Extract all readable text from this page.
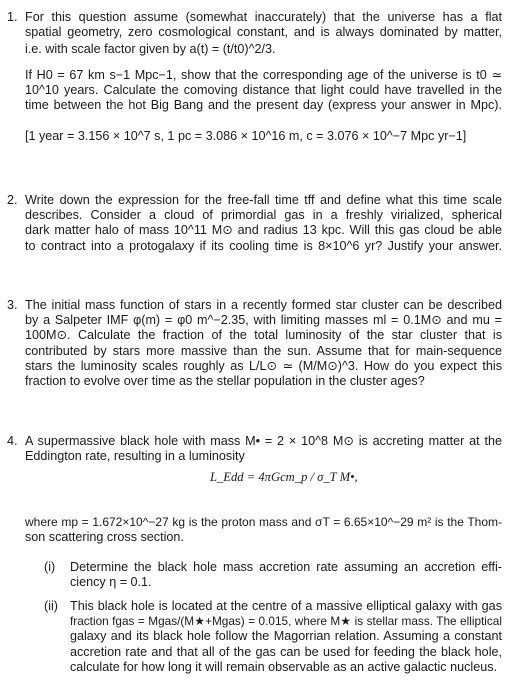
1. For this question assume (somewhat inaccurately) that the universe has a flat
spatial geometry, zero cosmological constant, and is always dominated by matter,
i.e. with scale factor given by a(t) = (t/t0)^2/3.
If H0 = 67 km s−1 Mpc−1, show that the corresponding age of the universe is t0 ≃
10^10 years. Calculate the comoving distance that light could have travelled in the
time between the hot Big Bang and the present day (express your answer in Mpc).
[1 year = 3.156 × 10^7 s, 1 pc = 3.086 × 10^16 m, c = 3.076 × 10^−7 Mpc yr−1]
2. Write down the expression for the free-fall time tff and define what this time scale
describes. Consider a cloud of primordial gas in a freshly virialized, spherical
dark matter halo of mass 10^11 M⊙ and radius 13 kpc. Will this gas cloud be able
to contract into a protogalaxy if its cooling time is 8×10^6 yr? Justify your answer.
3. The initial mass function of stars in a recently formed star cluster can be described
by a Salpeter IMF φ(m) = φ0 m^−2.35, with limiting masses ml = 0.1M⊙ and mu =
100M⊙. Calculate the fraction of the total luminosity of the star cluster that is
contributed by stars more massive than the sun. Assume that for main-sequence
stars the luminosity scales roughly as L/L⊙ ≃ (M/M⊙)^3. How do you expect this
fraction to evolve over time as the stellar population in the cluster ages?
4. A supermassive black hole with mass M• = 2 × 10^8 M⊙ is accreting matter at the
Eddington rate, resulting in a luminosity
L_Edd = 4πGcm_p / σ_T M•,
where mp = 1.672×10^−27 kg is the proton mass and σT = 6.65×10^−29 m² is the Thom-
son scattering cross section.
(i) Determine the black hole mass accretion rate assuming an accretion effi-
ciency η = 0.1.
(ii) This black hole is located at the centre of a massive elliptical galaxy with gas
fraction fgas = Mgas/(M★+Mgas) = 0.015, where M★ is stellar mass. The elliptical
galaxy and its black hole follow the Magorrian relation. Assuming a constant
accretion rate and that all of the gas can be used for feeding the black hole,
calculate for how long it will remain observable as an active galactic nucleus.
